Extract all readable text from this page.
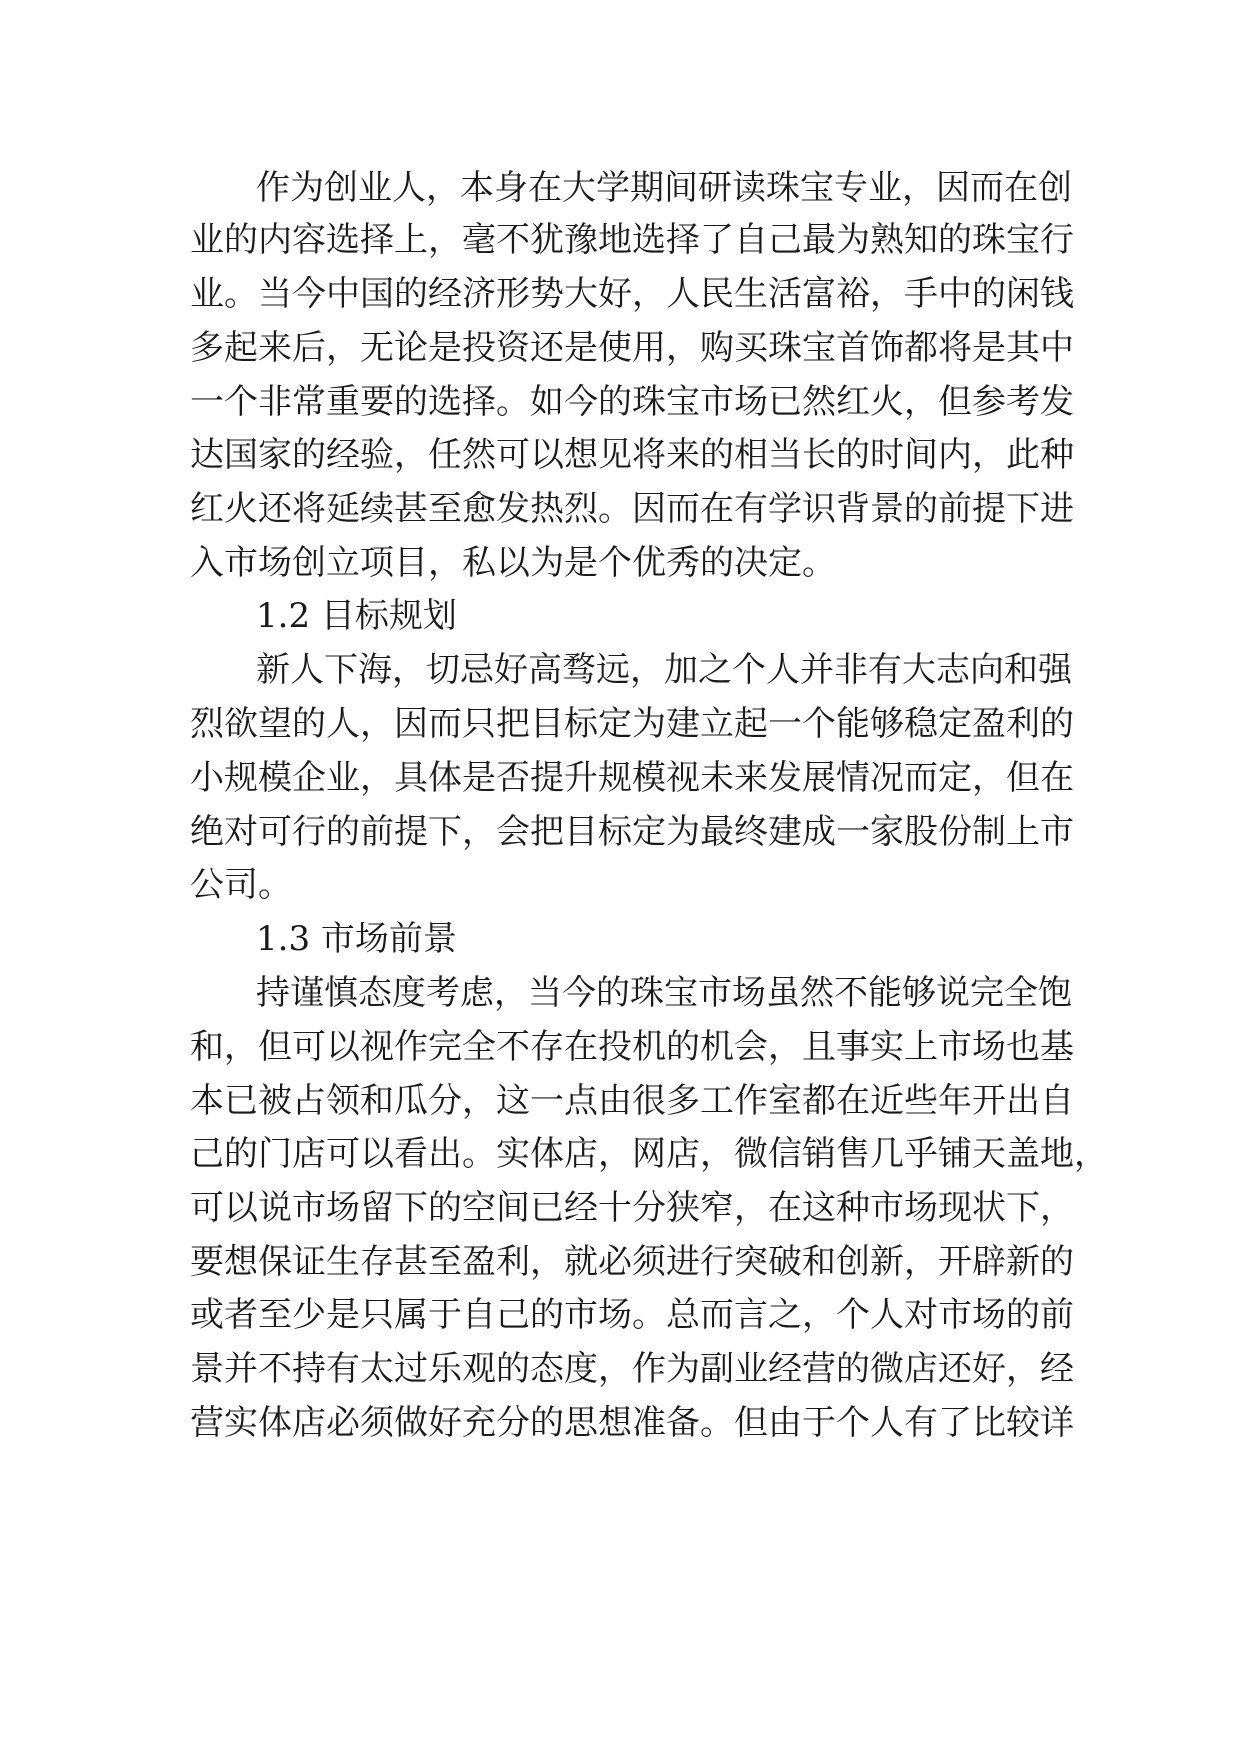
作为创业人，本身在大学期间研读珠宝专业，因而在创
业的内容选择上，毫不犹豫地选择了自己最为熟知的珠宝行
业。当今中国的经济形势大好，人民生活富裕，手中的闲钱
多起来后，无论是投资还是使用，购买珠宝首饰都将是其中
一个非常重要的选择。如今的珠宝市场已然红火，但参考发
达国家的经验，任然可以想见将来的相当长的时间内，此种
红火还将延续甚至愈发热烈。因而在有学识背景的前提下进
入市场创立项目，私以为是个优秀的决定。
1.2 目标规划
新人下海，切忌好高骛远，加之个人并非有大志向和强
烈欲望的人，因而只把目标定为建立起一个能够稳定盈利的
小规模企业，具体是否提升规模视未来发展情况而定，但在
绝对可行的前提下，会把目标定为最终建成一家股份制上市
公司。
1.3 市场前景
持谨慎态度考虑，当今的珠宝市场虽然不能够说完全饱
和，但可以视作完全不存在投机的机会，且事实上市场也基
本已被占领和瓜分，这一点由很多工作室都在近些年开出自
己的门店可以看出。实体店，网店，微信销售几乎铺天盖地，
可以说市场留下的空间已经十分狭窄，在这种市场现状下，
要想保证生存甚至盈利，就必须进行突破和创新，开辟新的
或者至少是只属于自己的市场。总而言之，个人对市场的前
景并不持有太过乐观的态度，作为副业经营的微店还好，经
营实体店必须做好充分的思想准备。但由于个人有了比较详
